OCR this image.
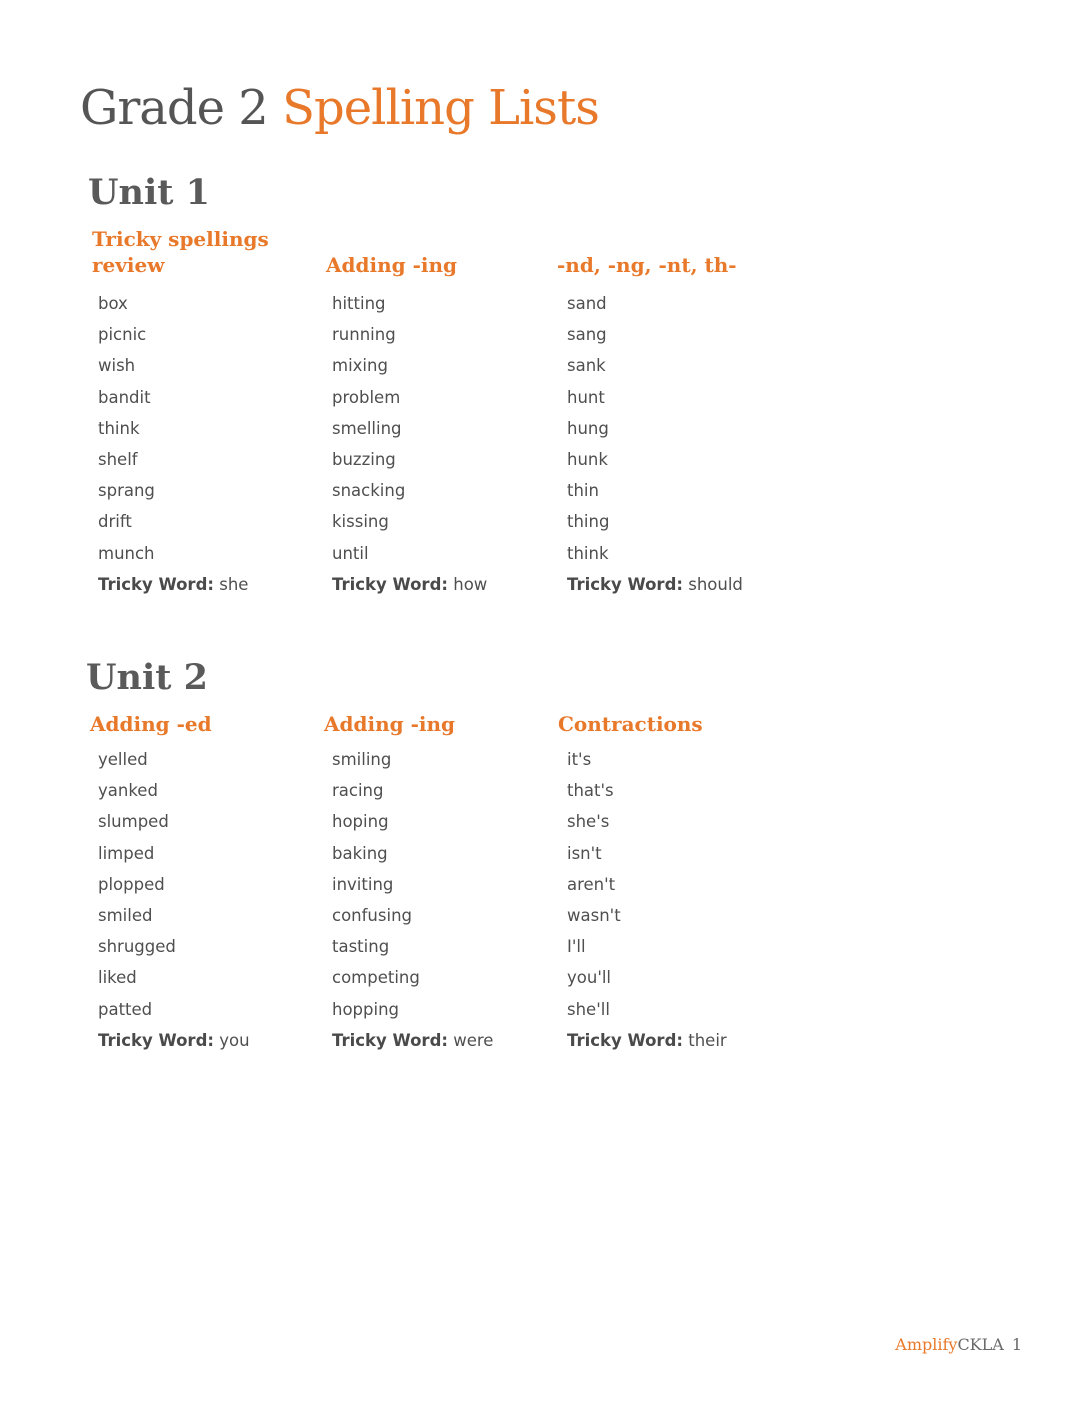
Grade 2 Spelling Lists
Unit 1
Tricky spellings
review
box
picnic
wish
bandit
think
shelf
sprang
drift
munch
Tricky Word: she
Adding -ing
hitting
running
mixing
problem
smelling
buzzing
snacking
kissing
until
Tricky Word: how
-nd, -ng, -nt, th-
sand
sang
sank
hunt
hung
hunk
thin
thing
think
Tricky Word: should
Unit 2
Adding -ed
yelled
yanked
slumped
limped
plopped
smiled
shrugged
liked
patted
Tricky Word: you
Adding -ing
smiling
racing
hoping
baking
inviting
confusing
tasting
competing
hopping
Tricky Word: were
Contractions
it's
that's
she's
isn't
aren't
wasn't
I'll
you'll
she'll
Tricky Word: their
AmplifyCKLA 1
